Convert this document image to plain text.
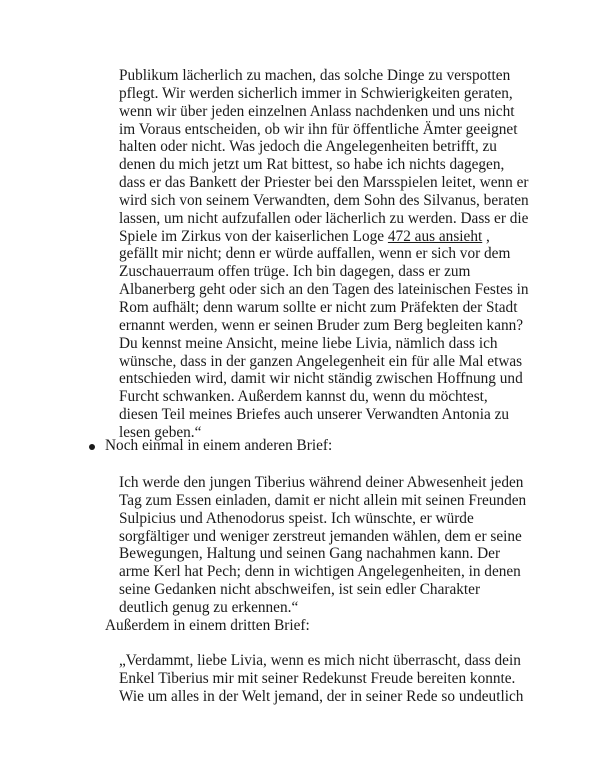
Publikum lächerlich zu machen, das solche Dinge zu verspotten pflegt. Wir werden sicherlich immer in Schwierigkeiten geraten, wenn wir über jeden einzelnen Anlass nachdenken und uns nicht im Voraus entscheiden, ob wir ihn für öffentliche Ämter geeignet halten oder nicht. Was jedoch die Angelegenheiten betrifft, zu denen du mich jetzt um Rat bittest, so habe ich nichts dagegen, dass er das Bankett der Priester bei den Marsspielen leitet, wenn er wird sich von seinem Verwandten, dem Sohn des Silvanus, beraten lassen, um nicht aufzufallen oder lächerlich zu werden. Dass er die Spiele im Zirkus von der kaiserlichen Loge 472 aus ansieht , gefällt mir nicht; denn er würde auffallen, wenn er sich vor dem Zuschauerraum offen trüge. Ich bin dagegen, dass er zum Albanerberg geht oder sich an den Tagen des lateinischen Festes in Rom aufhält; denn warum sollte er nicht zum Präfekten der Stadt ernannt werden, wenn er seinen Bruder zum Berg begleiten kann? Du kennst meine Ansicht, meine liebe Livia, nämlich dass ich wünsche, dass in der ganzen Angelegenheit ein für alle Mal etwas entschieden wird, damit wir nicht ständig zwischen Hoffnung und Furcht schwanken. Außerdem kannst du, wenn du möchtest, diesen Teil meines Briefes auch unserer Verwandten Antonia zu lesen geben.“

Noch einmal in einem anderen Brief:

Ich werde den jungen Tiberius während deiner Abwesenheit jeden Tag zum Essen einladen, damit er nicht allein mit seinen Freunden Sulpicius und Athenodorus speist. Ich wünschte, er würde sorgfältiger und weniger zerstreut jemanden wählen, dem er seine Bewegungen, Haltung und seinen Gang nachahmen kann. Der arme Kerl hat Pech; denn in wichtigen Angelegenheiten, in denen seine Gedanken nicht abschweifen, ist sein edler Charakter deutlich genug zu erkennen.“

Außerdem in einem dritten Brief:

„Verdammt, liebe Livia, wenn es mich nicht überrascht, dass dein Enkel Tiberius mir mit seiner Redekunst Freude bereiten konnte. Wie um alles in der Welt jemand, der in seiner Rede so undeutlich
